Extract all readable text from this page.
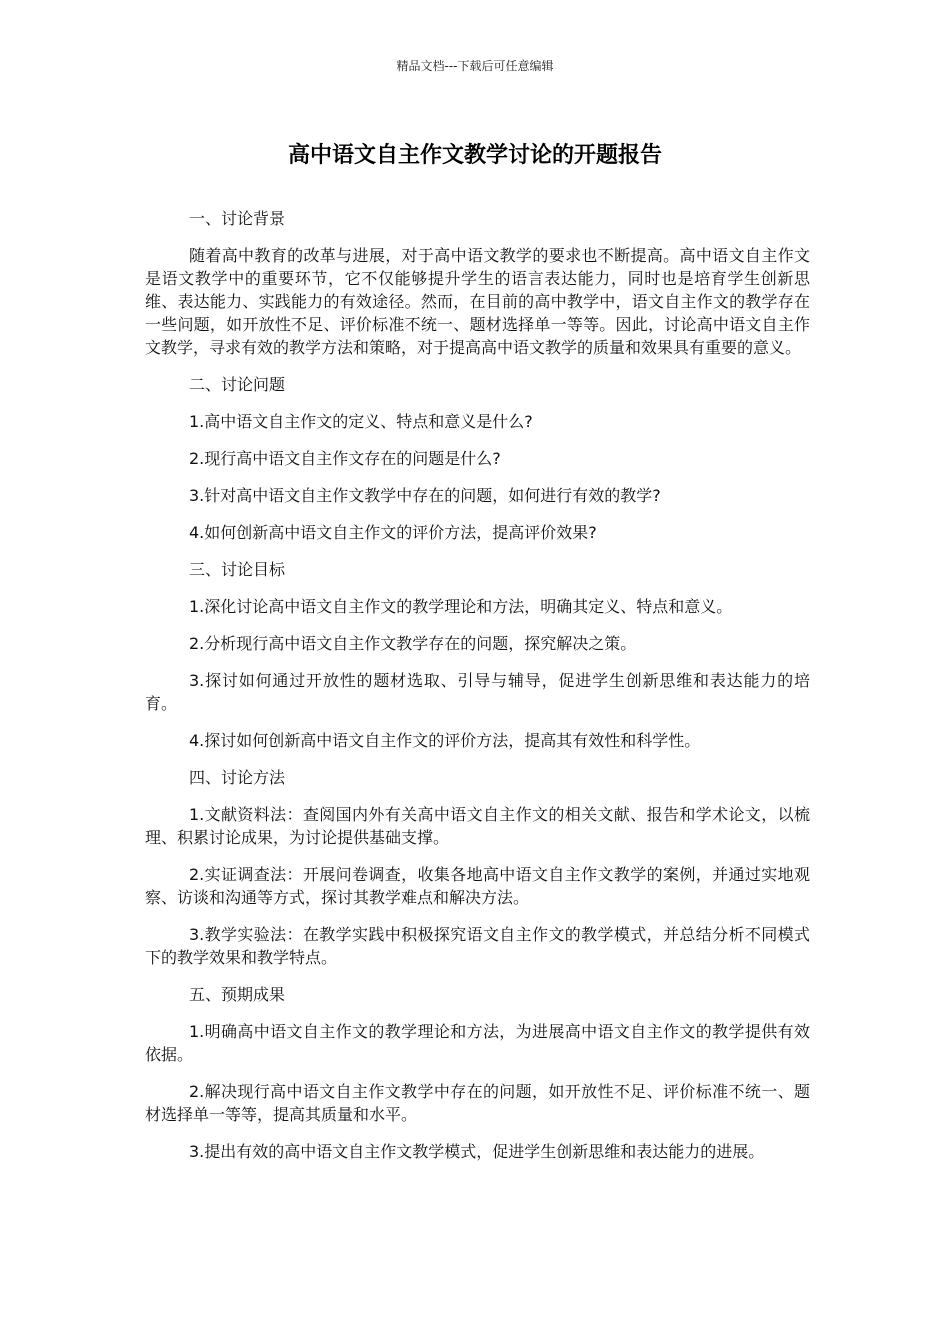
精品文档---下载后可任意编辑
高中语文自主作文教学讨论的开题报告

一、讨论背景

随着高中教育的改革与进展，对于高中语文教学的要求也不断提高。高中语文自主作文是语文教学中的重要环节，它不仅能够提升学生的语言表达能力，同时也是培育学生创新思维、表达能力、实践能力的有效途径。然而，在目前的高中教学中，语文自主作文的教学存在一些问题，如开放性不足、评价标准不统一、题材选择单一等等。因此，讨论高中语文自主作文教学，寻求有效的教学方法和策略，对于提高高中语文教学的质量和效果具有重要的意义。

二、讨论问题

1.高中语文自主作文的定义、特点和意义是什么?

2.现行高中语文自主作文存在的问题是什么?

3.针对高中语文自主作文教学中存在的问题，如何进行有效的教学?

4.如何创新高中语文自主作文的评价方法，提高评价效果?

三、讨论目标

1.深化讨论高中语文自主作文的教学理论和方法，明确其定义、特点和意义。

2.分析现行高中语文自主作文教学存在的问题，探究解决之策。

3.探讨如何通过开放性的题材选取、引导与辅导，促进学生创新思维和表达能力的培育。

4.探讨如何创新高中语文自主作文的评价方法，提高其有效性和科学性。

四、讨论方法

1.文献资料法：查阅国内外有关高中语文自主作文的相关文献、报告和学术论文，以梳理、积累讨论成果，为讨论提供基础支撑。

2.实证调查法：开展问卷调查，收集各地高中语文自主作文教学的案例，并通过实地观察、访谈和沟通等方式，探讨其教学难点和解决方法。

3.教学实验法：在教学实践中积极探究语文自主作文的教学模式，并总结分析不同模式下的教学效果和教学特点。

五、预期成果

1.明确高中语文自主作文的教学理论和方法，为进展高中语文自主作文的教学提供有效依据。

2.解决现行高中语文自主作文教学中存在的问题，如开放性不足、评价标准不统一、题材选择单一等等，提高其质量和水平。

3.提出有效的高中语文自主作文教学模式，促进学生创新思维和表达能力的进展。
